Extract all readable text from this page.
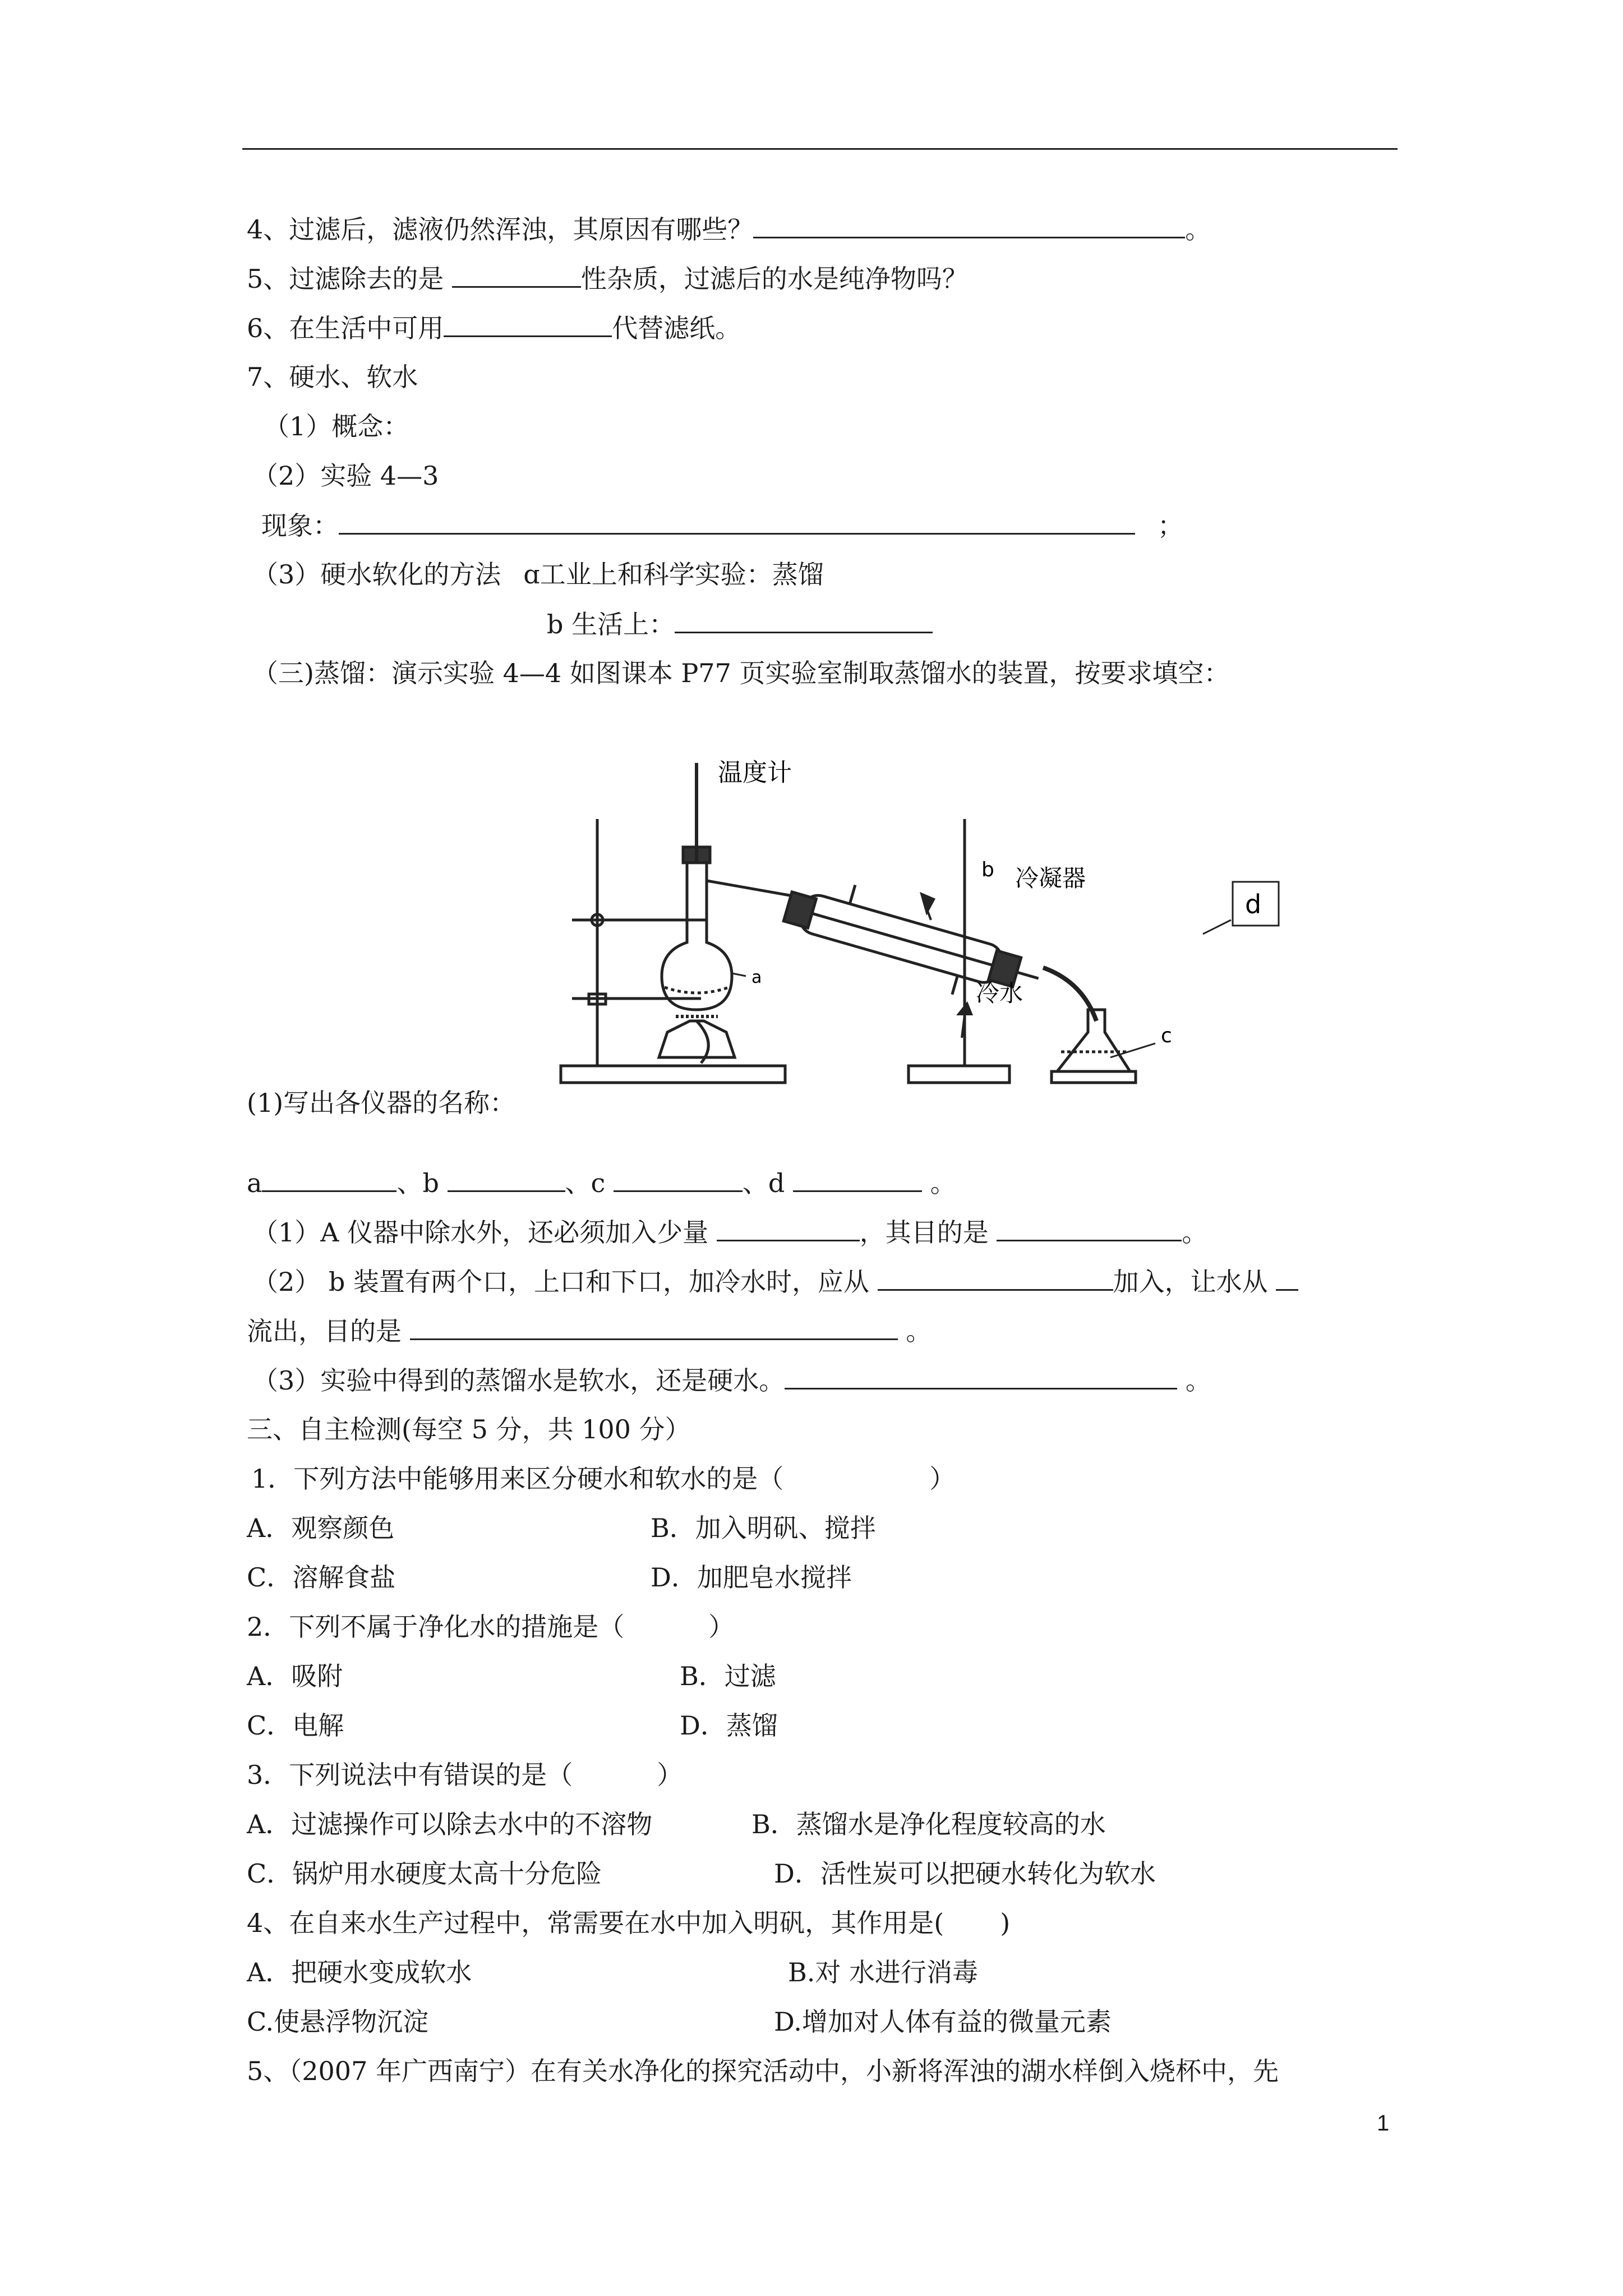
4、过滤后，滤液仍然浑浊，其原因有哪些？	。
5、过滤除去的是	性杂质，过滤后的水是纯净物吗？
6、在生活中可用	代替滤纸。
7、硬水、软水
（1）概念：
（2）实验 4—3
现象：	；
（3）硬水软化的方法 ɑ工业上和科学实验：蒸馏
b 生活上：
（三)蒸馏：演示实验 4—4 如图课本 P77 页实验室制取蒸馏水的装置，按要求填空：
温度计
冷凝器
b
a
c
d
冷水
(1)写出各仪器的名称：
a	、b	、c	、d	。
（1）A 仪器中除水外，还必须加入少量	，其目的是	。
（2） b 装置有两个口，上口和下口，加冷水时，应从	加入，让水从
流出，目的是	。
（3）实验中得到的蒸馏水是软水，还是硬水。	。
三、自主检测(每空 5 分，共 100 分）
1．下列方法中能够用来区分硬水和软水的是（	）
A．观察颜色	B．加入明矾、搅拌
C．溶解食盐	D．加肥皂水搅拌
2．下列不属于净化水的措施是（	）
A．吸附	B．过滤
C．电解	D．蒸馏
3．下列说法中有错误的是（	）
A．过滤操作可以除去水中的不溶物	B．蒸馏水是净化程度较高的水
C．锅炉用水硬度太高十分危险	D．活性炭可以把硬水转化为软水
4、在自来水生产过程中，常需要在水中加入明矾，其作用是( )
A．把硬水变成软水	B.对 水进行消毒
C.使悬浮物沉淀	D.增加对人体有益的微量元素
5、（2007 年广西南宁）在有关水净化的探究活动中，小新将浑浊的湖水样倒入烧杯中，先
1
